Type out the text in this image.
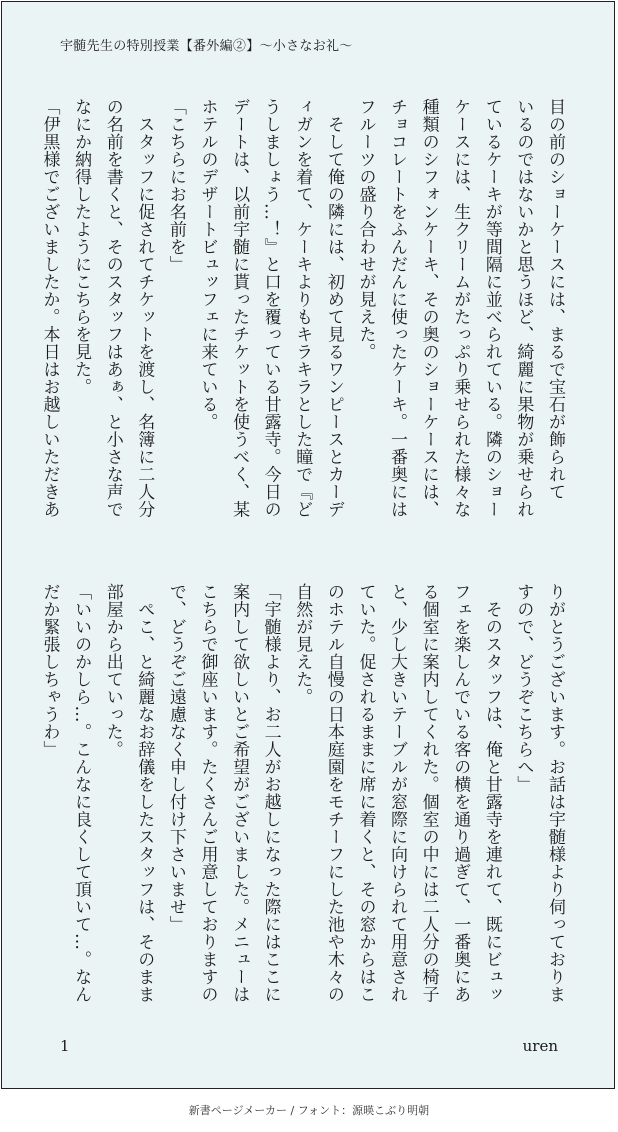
宇髄先生の特別授業【番外編②】〜小さなお礼〜

目の前のショーケースには、まるで宝石が飾られて

いるのではないかと思うほど、綺麗に果物が乗せられ

ているケーキが等間隔に並べられている。隣のショー

ケースには、生クリームがたっぷり乗せられた様々な

種類のシフォンケーキ、その奥のショーケースには、

チョコレートをふんだんに使ったケーキ。一番奥には

フルーツの盛り合わせが見えた。

　そして俺の隣には、初めて見るワンピースとカーデ

ィガンを着て、ケーキよりもキラキラとした瞳で『ど

うしましょう…！』と口を覆っている甘露寺。今日の

デートは、以前宇髄に貰ったチケットを使うべく、某

ホテルのデザートビュッフェに来ている。

「こちらにお名前を」

　スタッフに促されてチケットを渡し、名簿に二人分

の名前を書くと、そのスタッフはあぁ、と小さな声で

なにか納得したようにこちらを見た。

「伊黒様でございましたか。本日はお越しいただきあ

りがとうございます。お話は宇髄様より伺っておりま

すので、どうぞこちらへ」

　そのスタッフは、俺と甘露寺を連れて、既にビュッ

フェを楽しんでいる客の横を通り過ぎて、一番奥にあ

る個室に案内してくれた。個室の中には二人分の椅子

と、少し大きいテーブルが窓際に向けられて用意され

ていた。促されるままに席に着くと、その窓からはこ

のホテル自慢の日本庭園をモチーフにした池や木々の

自然が見えた。

「宇髄様より、お二人がお越しになった際にはここに

案内して欲しいとご希望がございました。メニューは

こちらで御座います。たくさんご用意しておりますの

で、どうぞご遠慮なく申し付け下さいませ」

　ぺこ、と綺麗なお辞儀をしたスタッフは、そのまま

部屋から出ていった。

「いいのかしら…。こんなに良くして頂いて…。なん

だか緊張しちゃうわ」

1	uren
新書ページメーカー / フォント：源暎こぶり明朝
